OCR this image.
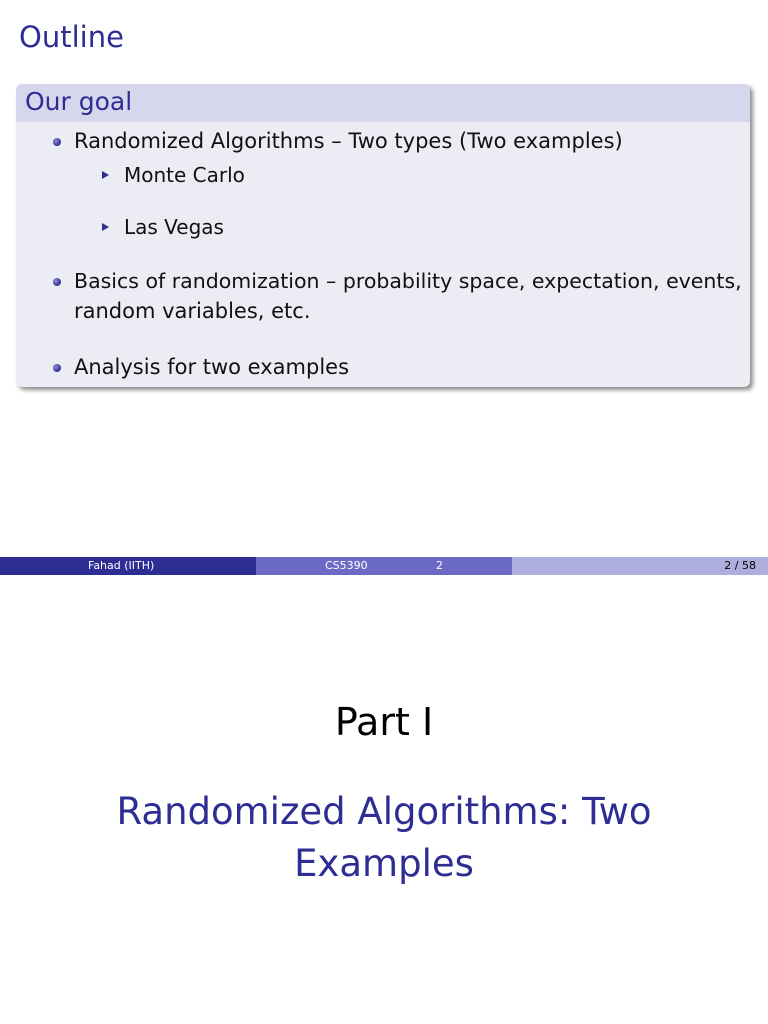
Outline
Our goal
Randomized Algorithms – Two types (Two examples)
Monte Carlo
Las Vegas
Basics of randomization – probability space, expectation, events,
random variables, etc.
Analysis for two examples
Fahad (IITH)	CS5390	2	2 / 58
Part I
Randomized Algorithms: Two
Examples
